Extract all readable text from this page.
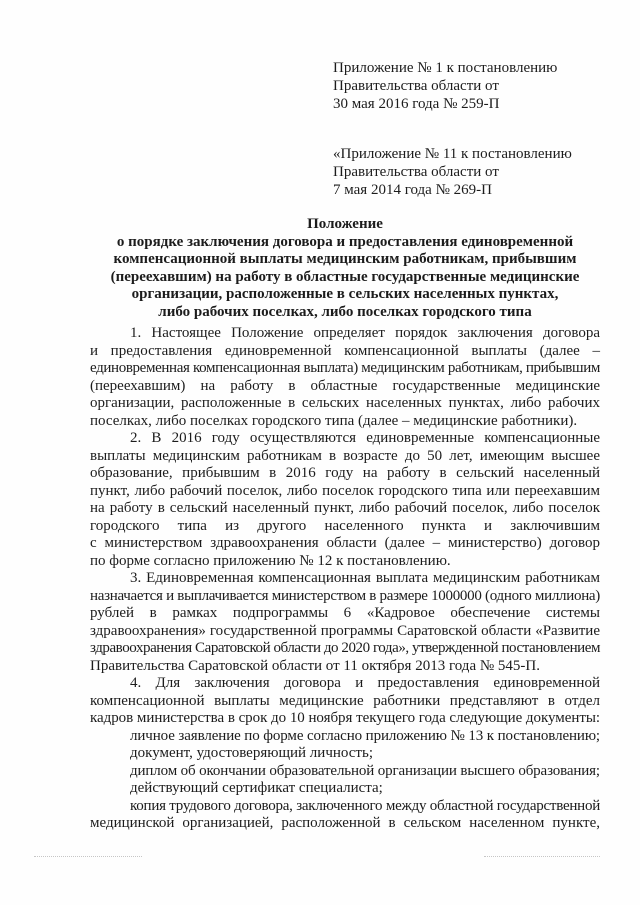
Приложение № 1 к постановлению
Правительства области от
30 мая 2016 года № 259-П
«Приложение № 11 к постановлению
Правительства области от
7 мая 2014 года № 269-П
Положение
о порядке заключения договора и предоставления единовременной
компенсационной выплаты медицинским работникам, прибывшим
(переехавшим) на работу в областные государственные медицинские
организации, расположенные в сельских населенных пунктах,
либо рабочих поселках, либо поселках городского типа
1. Настоящее Положение определяет порядок заключения договора
и предоставления единовременной компенсационной выплаты (далее –
единовременная компенсационная выплата) медицинским работникам, прибывшим
(переехавшим) на работу в областные государственные медицинские
организации, расположенные в сельских населенных пунктах, либо рабочих
поселках, либо поселках городского типа (далее – медицинские работники).
2. В 2016 году осуществляются единовременные компенсационные
выплаты медицинским работникам в возрасте до 50 лет, имеющим высшее
образование, прибывшим в 2016 году на работу в сельский населенный
пункт, либо рабочий поселок, либо поселок городского типа или переехавшим
на работу в сельский населенный пункт, либо рабочий поселок, либо поселок
городского типа из другого населенного пункта и заключившим
с министерством здравоохранения области (далее – министерство) договор
по форме согласно приложению № 12 к постановлению.
3. Единовременная компенсационная выплата медицинским работникам
назначается и выплачивается министерством в размере 1000000 (одного миллиона)
рублей в рамках подпрограммы 6 «Кадровое обеспечение системы
здравоохранения» государственной программы Саратовской области «Развитие
здравоохранения Саратовской области до 2020 года», утвержденной постановлением
Правительства Саратовской области от 11 октября 2013 года № 545-П.
4. Для заключения договора и предоставления единовременной
компенсационной выплаты медицинские работники представляют в отдел
кадров министерства в срок до 10 ноября текущего года следующие документы:
личное заявление по форме согласно приложению № 13 к постановлению;
документ, удостоверяющий личность;
диплом об окончании образовательной организации высшего образования;
действующий сертификат специалиста;
копия трудового договора, заключенного между областной государственной
медицинской организацией, расположенной в сельском населенном пункте,
